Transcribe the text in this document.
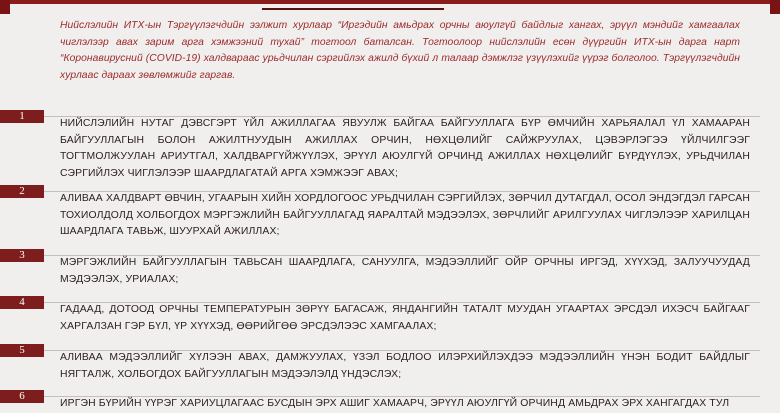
Нийслэлийн ИТХ-ын Тэргүүлэгчдийн ээлжит хурлаар “Иргэдийн амьдрах орчны аюулгүй байдлыг хангах, эрүүл мэндийг хамгаалах чиглэлээр авах зарим арга хэмжээний тухай” тогтоол баталсан. Тогтоолоор нийслэлийн есөн дүүргийн ИТХ-ын дарга нарт “Коронавирусний (COVID-19) халдвараас урьдчилан сэргийлэх ажилд бүхий л талаар дэмжлэг үзүүлэхийг үүрэг болголоо. Тэргүүлэгчдийн хурлаас дараах зөвлөмжийг гаргав.

1

НИЙСЛЭЛИЙН НУТАГ ДЭВСГЭРТ ҮЙЛ АЖИЛЛАГАА ЯВУУЛЖ БАЙГАА БАЙГУУЛЛАГА БҮР ӨМЧИЙН ХАРЬЯАЛАЛ ҮЛ ХАМААРАН БАЙГУУЛЛАГЫН БОЛОН АЖИЛТНУУДЫН АЖИЛЛАХ ОРЧИН, НӨХЦӨЛИЙГ САЙЖРУУЛАХ, ЦЭВЭРЛЭГЭЭ ҮЙЛЧИЛГЭЭГ ТОГТМОЛЖУУЛАН АРИУТГАЛ, ХАЛДВАРГҮЙЖҮҮЛЭХ, ЭРҮҮЛ АЮУЛГҮЙ ОРЧИНД АЖИЛЛАХ НӨХЦӨЛИЙГ БҮРДҮҮЛЭХ, УРЬДЧИЛАН СЭРГИЙЛЭХ ЧИГЛЭЛЭЭР ШААРДЛАГАТАЙ АРГА ХЭМЖЭЭГ АВАХ;

2

АЛИВАА ХАЛДВАРТ ӨВЧИН, УГААРЫН ХИЙН ХОРДЛОГООС УРЬДЧИЛАН СЭРГИЙЛЭХ, ЗӨРЧИЛ ДУТАГДАЛ, ОСОЛ ЭНДЭГДЭЛ ГАРСАН ТОХИОЛДОЛД ХОЛБОГДОХ МЭРГЭЖЛИЙН БАЙГУУЛЛАГАД ЯАРАЛТАЙ МЭДЭЭЛЭХ, ЗӨРЧЛИЙГ АРИЛГУУЛАХ ЧИГЛЭЛЭЭР ХАРИЛЦАН ШААРДЛАГА ТАВЬЖ, ШУУРХАЙ АЖИЛЛАХ;

3

МЭРГЭЖЛИЙН БАЙГУУЛЛАГЫН ТАВЬСАН ШААРДЛАГА, САНУУЛГА, МЭДЭЭЛЛИЙГ ОЙР ОРЧНЫ ИРГЭД, ХҮҮХЭД, ЗАЛУУЧУУДАД МЭДЭЭЛЭХ, УРИАЛАХ;

4

ГАДААД, ДОТООД ОРЧНЫ ТЕМПЕРАТУРЫН ЗӨРҮҮ БАГАСАЖ, ЯНДАНГИЙН ТАТАЛТ МУУДАН УГААРТАХ ЭРСДЭЛ ИХЭСЧ БАЙГААГ ХАРГАЛЗАН ГЭР БҮЛ, ҮР ХҮҮХЭД, ӨӨРИЙГӨӨ ЭРСДЭЛЭЭС ХАМГААЛАХ;

5

АЛИВАА МЭДЭЭЛЛИЙГ ХҮЛЭЭН АВАХ, ДАМЖУУЛАХ, ҮЗЭЛ БОДЛОО ИЛЭРХИЙЛЭХДЭЭ МЭДЭЭЛЛИЙН ҮНЭН БОДИТ БАЙДЛЫГ НЯГТАЛЖ, ХОЛБОГДОХ БАЙГУУЛЛАГЫН МЭДЭЭЛЭЛД ҮНДЭСЛЭХ;

6

ИРГЭН БҮРИЙН ҮҮРЭГ ХАРИУЦЛАГААС БУСДЫН ЭРХ АШИГ ХАМААРЧ, ЭРҮҮЛ АЮУЛГҮЙ ОРЧИНД АМЬДРАХ ЭРХ ХАНГАГДАХ ТУЛ
